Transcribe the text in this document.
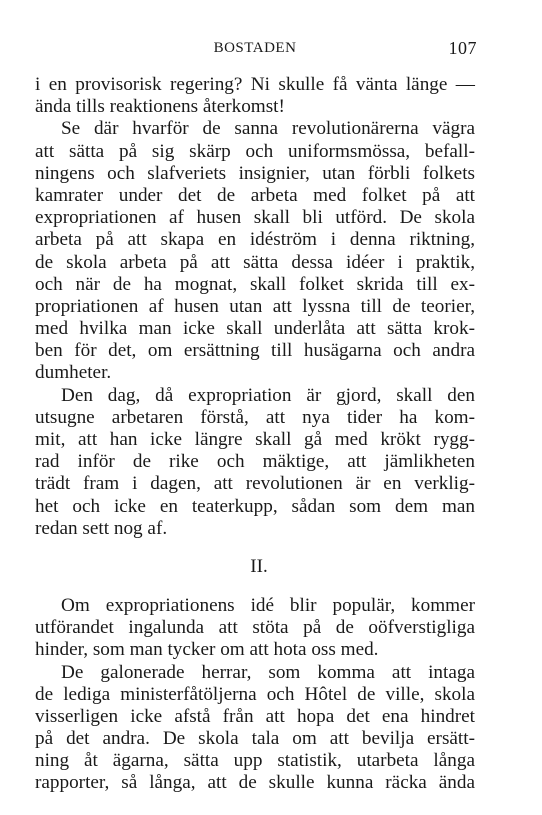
BOSTADEN	107
i en provisorisk regering? Ni skulle få vänta länge —
ända tills reaktionens återkomst!
Se där hvarför de sanna revolutionärerna vägra
att sätta på sig skärp och uniformsmössa, befall-
ningens och slafveriets insignier, utan förbli folkets
kamrater under det de arbeta med folket på att
expropriationen af husen skall bli utförd. De skola
arbeta på att skapa en idéström i denna riktning,
de skola arbeta på att sätta dessa idéer i praktik,
och när de ha mognat, skall folket skrida till ex-
propriationen af husen utan att lyssna till de teorier,
med hvilka man icke skall underlåta att sätta krok-
ben för det, om ersättning till husägarna och andra
dumheter.
Den dag, då expropriation är gjord, skall den
utsugne arbetaren förstå, att nya tider ha kom-
mit, att han icke längre skall gå med krökt rygg-
rad inför de rike och mäktige, att jämlikheten
trädt fram i dagen, att revolutionen är en verklig-
het och icke en teaterkupp, sådan som dem man
redan sett nog af.
II.
Om expropriationens idé blir populär, kommer
utförandet ingalunda att stöta på de oöfverstigliga
hinder, som man tycker om att hota oss med.
De galonerade herrar, som komma att intaga
de lediga ministerfåtöljerna och Hôtel de ville, skola
visserligen icke afstå från att hopa det ena hindret
på det andra. De skola tala om att bevilja ersätt-
ning åt ägarna, sätta upp statistik, utarbeta långa
rapporter, så långa, att de skulle kunna räcka ända
